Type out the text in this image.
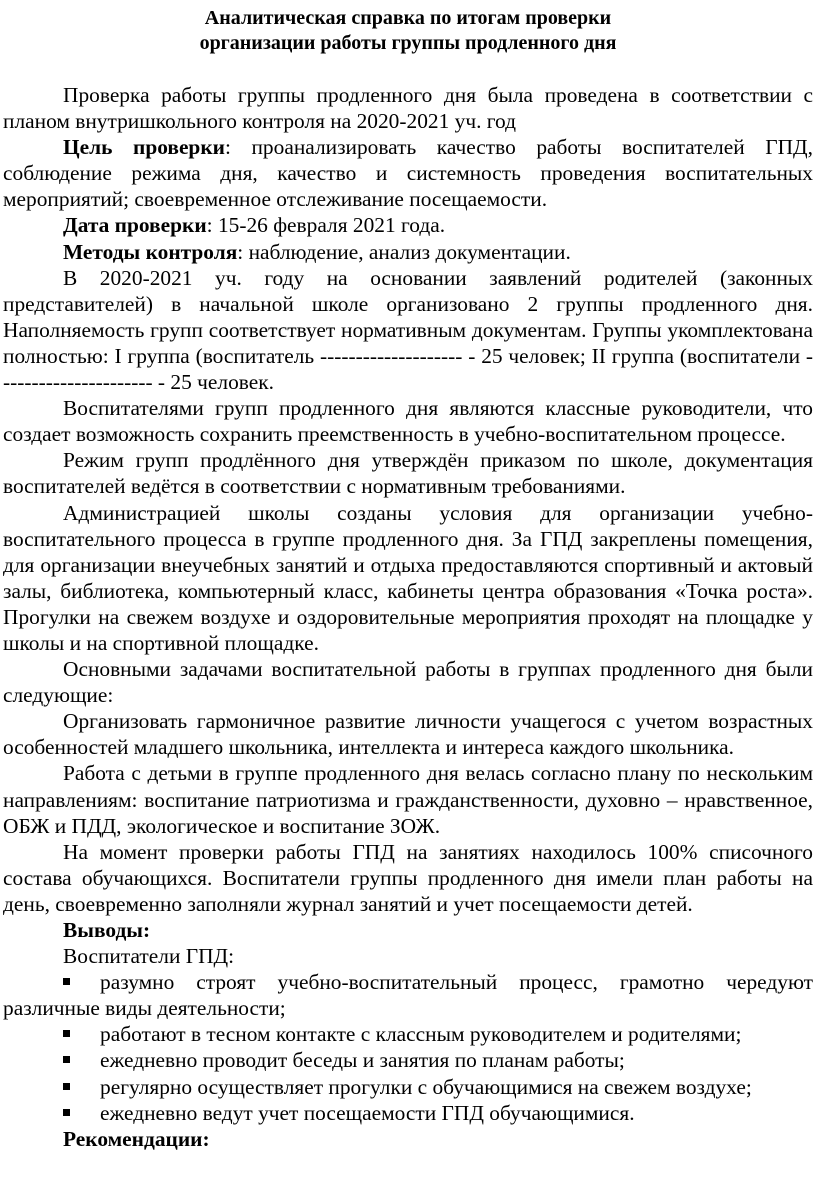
Аналитическая справка по итогам проверки
организации работы группы продленного дня

Проверка работы группы продленного дня была проведена в соответствии с планом внутришкольного контроля на 2020-2021 уч. год

Цель проверки: проанализировать качество работы воспитателей ГПД, соблюдение режима дня, качество и системность проведения воспитательных мероприятий; своевременное отслеживание посещаемости.

Дата проверки: 15-26 февраля 2021 года.

Методы контроля: наблюдение, анализ документации.

В 2020-2021 уч. году на основании заявлений родителей (законных представителей) в начальной школе организовано 2 группы продленного дня. Наполняемость групп соответствует нормативным документам. Группы укомплектована полностью: I группа (воспитатель -------------------- - 25 человек; II группа (воспитатели ---------------------- - 25 человек.

Воспитателями групп продленного дня являются классные руководители, что создает возможность сохранить преемственность в учебно-воспитательном процессе.

Режим групп продлённого дня утверждён приказом по школе, документация воспитателей ведётся в соответствии с нормативным требованиями.

Администрацией школы созданы условия для организации учебно-воспитательного процесса в группе продленного дня. За ГПД закреплены помещения, для организации внеучебных занятий и отдыха предоставляются спортивный и актовый залы, библиотека, компьютерный класс, кабинеты центра образования «Точка роста». Прогулки на свежем воздухе и оздоровительные мероприятия проходят на площадке у школы и на спортивной площадке.

Основными задачами воспитательной работы в группах продленного дня были следующие:

Организовать гармоничное развитие личности учащегося с учетом возрастных особенностей младшего школьника, интеллекта и интереса каждого школьника.

Работа с детьми в группе продленного дня велась согласно плану по нескольким направлениям: воспитание патриотизма и гражданственности, духовно – нравственное, ОБЖ и ПДД, экологическое и воспитание ЗОЖ.

На момент проверки работы ГПД на занятиях находилось 100% списочного состава обучающихся. Воспитатели группы продленного дня имели план работы на день, своевременно заполняли журнал занятий и учет посещаемости детей.

Выводы:

Воспитатели ГПД:

разумно строят учебно-воспитательный процесс, грамотно чередуют различные виды деятельности;
работают в тесном контакте с классным руководителем и родителями;
ежедневно проводит беседы и занятия по планам работы;
регулярно осуществляет прогулки с обучающимися на свежем воздухе;
ежедневно ведут учет посещаемости ГПД обучающимися.

Рекомендации:
